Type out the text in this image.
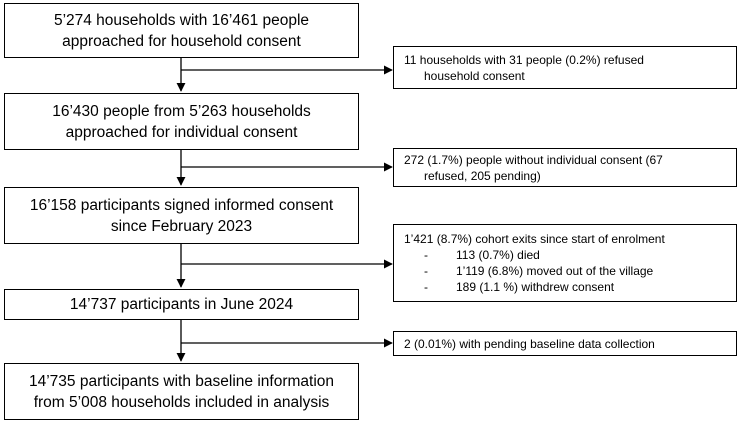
5’274 households with 16’461 people
approached for household consent
11 households with 31 people (0.2%) refused
household consent
16’430 people from 5’263 households
approached for individual consent
272 (1.7%) people without individual consent (67
refused, 205 pending)
16’158 participants signed informed consent
since February 2023
1’421 (8.7%) cohort exits since start of enrolment
-	113 (0.7%) died
-	1’119 (6.8%) moved out of the village
-	189 (1.1 %) withdrew consent
14’737 participants in June 2024
2 (0.01%) with pending baseline data collection
14’735 participants with baseline information
from 5’008 households included in analysis
